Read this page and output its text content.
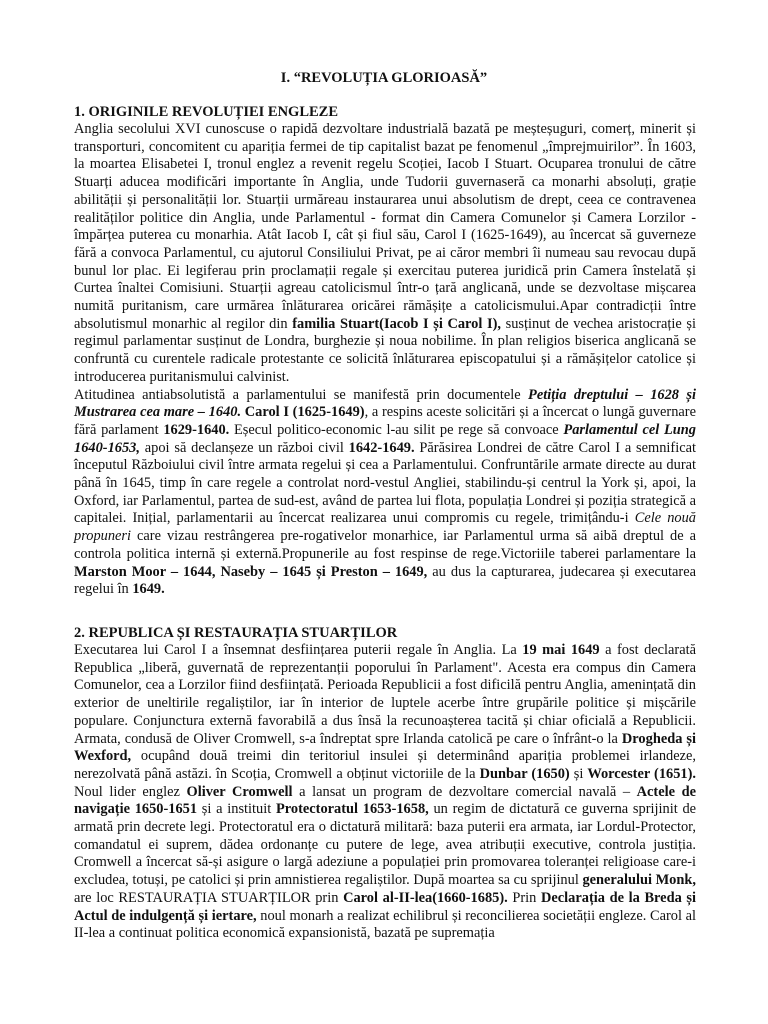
I. “REVOLUȚIA GLORIOASĂ”
1. ORIGINILE REVOLUȚIEI ENGLEZE

Anglia secolului XVI cunoscuse o rapidă dezvoltare industrială bazată pe meșteșuguri, comerț, minerit și transporturi, concomitent cu apariția fermei de tip capitalist bazat pe fenomenul „împrejmuirilor”. În 1603, la moartea Elisabetei I, tronul englez a revenit regelu Scoției, Iacob I Stuart. Ocuparea tronului de către Stuarți aducea modificări importante în Anglia, unde Tudorii guvernaseră ca monarhi absoluți, grație abilității și personalității lor. Stuarții urmăreau instaurarea unui absolutism de drept, ceea ce contravenea realităților politice din Anglia, unde Parlamentul - format din Camera Comunelor și Camera Lorzilor - împărțea puterea cu monarhia. Atât Iacob I, cât și fiul său, Carol I (1625-1649), au încercat să guverneze fără a convoca Parlamentul, cu ajutorul Consiliului Privat, pe ai căror membri îi numeau sau revocau după bunul lor plac. Ei legiferau prin proclamații regale și exercitau puterea juridică prin Camera înstelată și Curtea înaltei Comisiuni. Stuarții agreau catolicismul într-o țară anglicană, unde se dezvoltase mișcarea numită puritanism, care urmărea înlăturarea oricărei rămășițe a catolicismului.Apar contradicții între absolutismul monarhic al regilor din familia Stuart(Iacob I și Carol I), susținut de vechea aristocrație și regimul parlamentar susținut de Londra, burghezie și noua nobilime. În plan religios biserica anglicană se confruntă cu curentele radicale protestante ce solicită înlăturarea episcopatului și a rămășițelor catolice și introducerea puritanismului calvinist.

Atitudinea antiabsolutistă a parlamentului se manifestă prin documentele Petiția dreptului – 1628 și Mustrarea cea mare – 1640. Carol I (1625-1649), a respins aceste solicitări și a încercat o lungă guvernare fără parlament 1629-1640. Eșecul politico-economic l-au silit pe rege să convoace Parlamentul cel Lung 1640-1653, apoi să declanșeze un război civil 1642-1649. Părăsirea Londrei de către Carol I a semnificat începutul Războiului civil între armata regelui și cea a Parlamentului. Confruntările armate directe au durat până în 1645, timp în care regele a controlat nord-vestul Angliei, stabilindu-și centrul la York și, apoi, la Oxford, iar Parlamentul, partea de sud-est, având de partea lui flota, populația Londrei și poziția strategică a capitalei. Inițial, parlamentarii au încercat realizarea unui compromis cu regele, trimițându-i Cele nouă propuneri care vizau restrângerea pre-rogativelor monarhice, iar Parlamentul urma să aibă dreptul de a controla politica internă și externă.Propunerile au fost respinse de rege.Victoriile taberei parlamentare la Marston Moor – 1644, Naseby – 1645 și Preston – 1649, au dus la capturarea, judecarea și executarea regelui în 1649.

2. REPUBLICA ȘI RESTAURAȚIA STUARȚILOR

Executarea lui Carol I a însemnat desființarea puterii regale în Anglia. La 19 mai 1649 a fost declarată Republica „liberă, guvernată de reprezentanții poporului în Parlament". Acesta era compus din Camera Comunelor, cea a Lorzilor fiind desființată. Perioada Republicii a fost dificilă pentru Anglia, amenințată din exterior de uneltirile regaliștilor, iar în interior de luptele acerbe între grupările politice și mișcările populare. Conjunctura externă favorabilă a dus însă la recunoașterea tacită și chiar oficială a Republicii. Armata, condusă de Oliver Cromwell, s-a îndreptat spre Irlanda catolică pe care o înfrânt-o la Drogheda și Wexford, ocupând două treimi din teritoriul insulei și determinând apariția problemei irlandeze, nerezolvată până astăzi. în Scoția, Cromwell a obținut victoriile de la Dunbar (1650) și Worcester (1651). Noul lider englez Oliver Cromwell a lansat un program de dezvoltare comercial navală – Actele de navigație 1650-1651 și a instituit Protectoratul 1653-1658, un regim de dictatură ce guverna sprijinit de armată prin decrete legi. Protectoratul era o dictatură militară: baza puterii era armata, iar Lordul-Protector, comandatul ei suprem, dădea ordonanțe cu putere de lege, avea atribuții executive, controla justiția. Cromwell a încercat să-și asigure o largă adeziune a populației prin promovarea toleranței religioase care-i excludea, totuși, pe catolici și prin amnistierea regaliștilor. După moartea sa cu sprijinul generalului Monk, are loc RESTAURAȚIA STUARȚILOR prin Carol al-II-lea(1660-1685). Prin Declarația de la Breda și Actul de indulgență și iertare, noul monarh a realizat echilibrul și reconcilierea societății engleze. Carol al II-lea a continuat politica economică expansionistă, bazată pe supremația
